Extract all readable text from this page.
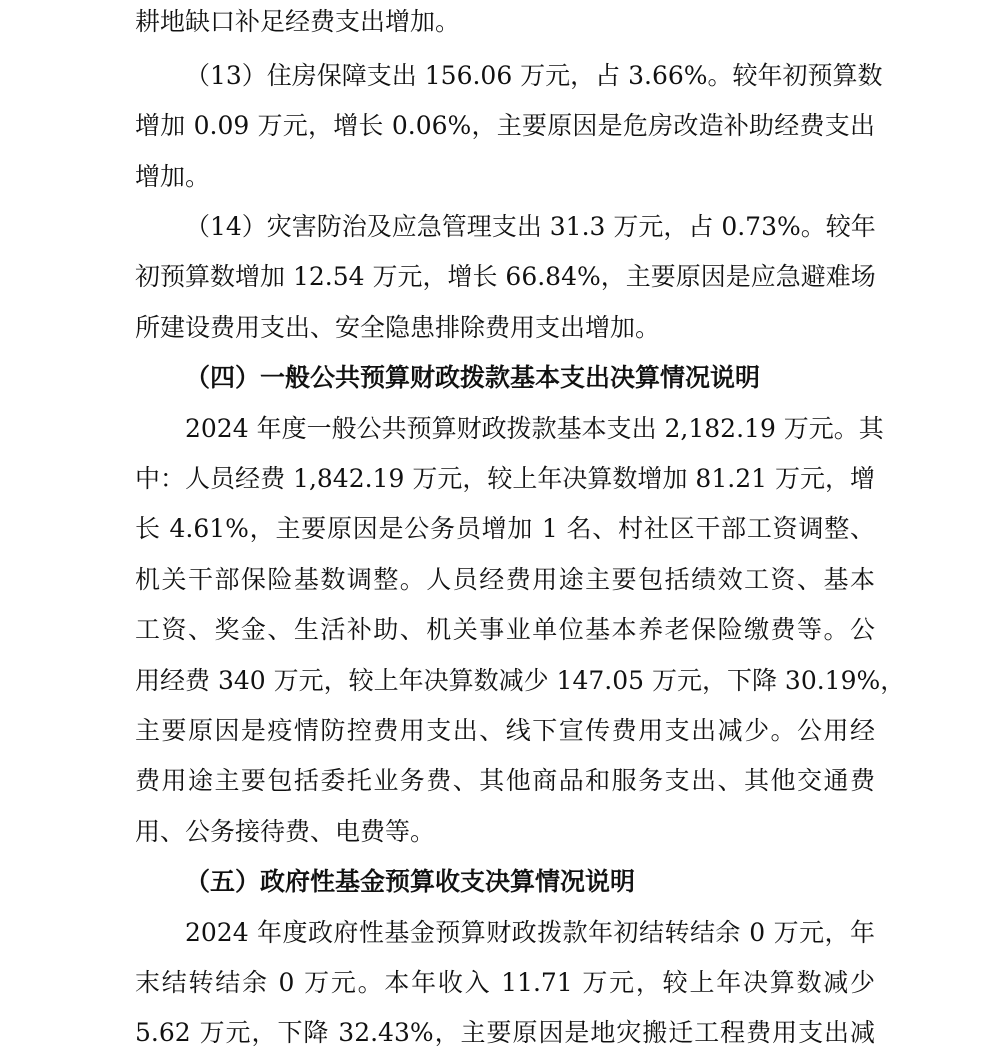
耕地缺口补足经费支出增加。
（13）住房保障支出 156.06 万元，占 3.66%。较年初预算数
增加 0.09 万元，增长 0.06%，主要原因是危房改造补助经费支出
增加。
（14）灾害防治及应急管理支出 31.3 万元，占 0.73%。较年
初预算数增加 12.54 万元，增长 66.84%，主要原因是应急避难场
所建设费用支出、安全隐患排除费用支出增加。
（四）一般公共预算财政拨款基本支出决算情况说明
2024 年度一般公共预算财政拨款基本支出 2,182.19 万元。其
中：人员经费 1,842.19 万元，较上年决算数增加 81.21 万元，增
长 4.61%，主要原因是公务员增加 1 名、村社区干部工资调整、
机关干部保险基数调整。人员经费用途主要包括绩效工资、基本
工资、奖金、生活补助、机关事业单位基本养老保险缴费等。公
用经费 340 万元，较上年决算数减少 147.05 万元，下降 30.19%，
主要原因是疫情防控费用支出、线下宣传费用支出减少。公用经
费用途主要包括委托业务费、其他商品和服务支出、其他交通费
用、公务接待费、电费等。
（五）政府性基金预算收支决算情况说明
2024 年度政府性基金预算财政拨款年初结转结余 0 万元，年
末结转结余 0 万元。本年收入 11.71 万元，较上年决算数减少
5.62 万元，下降 32.43%，主要原因是地灾搬迁工程费用支出减
